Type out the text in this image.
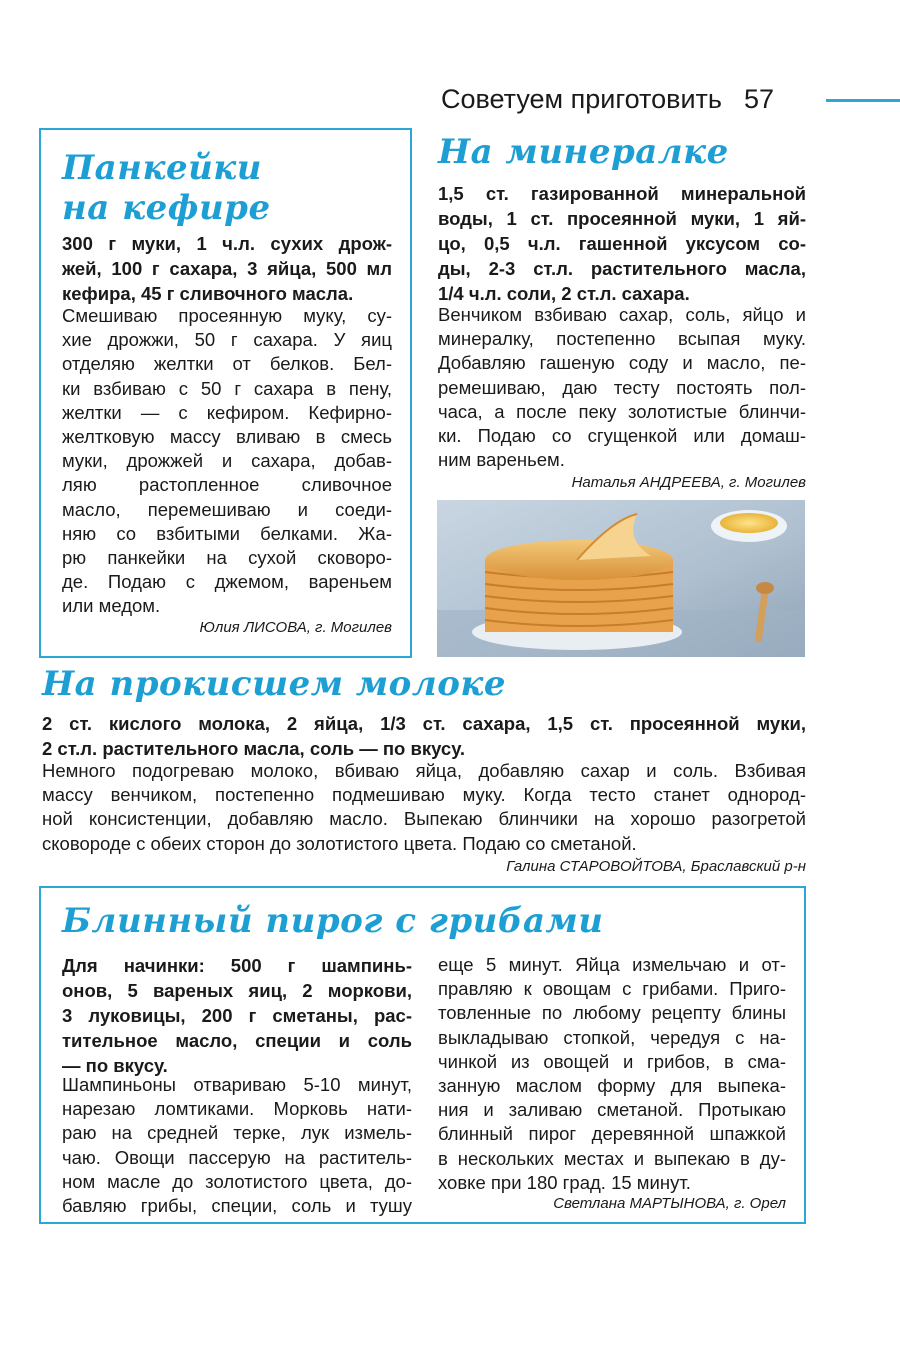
Советуем приготовить 57
Панкейки
на кефире
300 г муки, 1 ч.л. сухих дрож-
жей, 100 г сахара, 3 яйца, 500 мл
кефира, 45 г сливочного масла.
Смешиваю просеянную муку, су-
хие дрожжи, 50 г сахара. У яиц
отделяю желтки от белков. Бел-
ки взбиваю с 50 г сахара в пену,
желтки — с кефиром. Кефирно-
желтковую массу вливаю в смесь
муки, дрожжей и сахара, добав-
ляю растопленное сливочное
масло, перемешиваю и соеди-
няю со взбитыми белками. Жа-
рю панкейки на сухой сковоро-
де. Подаю с джемом, вареньем
или медом.
Юлия ЛИСОВА, г. Могилев
На минералке
1,5 ст. газированной минеральной
воды, 1 ст. просеянной муки, 1 яй-
цо, 0,5 ч.л. гашенной уксусом со-
ды, 2-3 ст.л. растительного масла,
1/4 ч.л. соли, 2 ст.л. сахара.
Венчиком взбиваю сахар, соль, яйцо и
минералку, постепенно всыпая муку.
Добавляю гашеную соду и масло, пе-
ремешиваю, даю тесту постоять пол-
часа, а после пеку золотистые блинчи-
ки. Подаю со сгущенкой или домаш-
ним вареньем.
Наталья АНДРЕЕВА, г. Могилев
На прокисшем молоке
2 ст. кислого молока, 2 яйца, 1/3 ст. сахара, 1,5 ст. просеянной муки,
2 ст.л. растительного масла, соль — по вкусу.
Немного подогреваю молоко, вбиваю яйца, добавляю сахар и соль. Взбивая
массу венчиком, постепенно подмешиваю муку. Когда тесто станет однород-
ной консистенции, добавляю масло. Выпекаю блинчики на хорошо разогретой
сковороде с обеих сторон до золотистого цвета. Подаю со сметаной.
Галина СТАРОВОЙТОВА, Браславский р-н
Блинный пирог с грибами
Для начинки: 500 г шампинь-
онов, 5 вареных яиц, 2 моркови,
3 луковицы, 200 г сметаны, рас-
тительное масло, специи и соль
— по вкусу.
Шампиньоны отвариваю 5-10 минут,
нарезаю ломтиками. Морковь нати-
раю на средней терке, лук измель-
чаю. Овощи пассерую на раститель-
ном масле до золотистого цвета, до-
бавляю грибы, специи, соль и тушу
еще 5 минут. Яйца измельчаю и от-
правляю к овощам с грибами. Приго-
товленные по любому рецепту блины
выкладываю стопкой, чередуя с на-
чинкой из овощей и грибов, в сма-
занную маслом форму для выпека-
ния и заливаю сметаной. Протыкаю
блинный пирог деревянной шпажкой
в нескольких местах и выпекаю в ду-
ховке при 180 град. 15 минут.
Светлана МАРТЫНОВА, г. Орел
